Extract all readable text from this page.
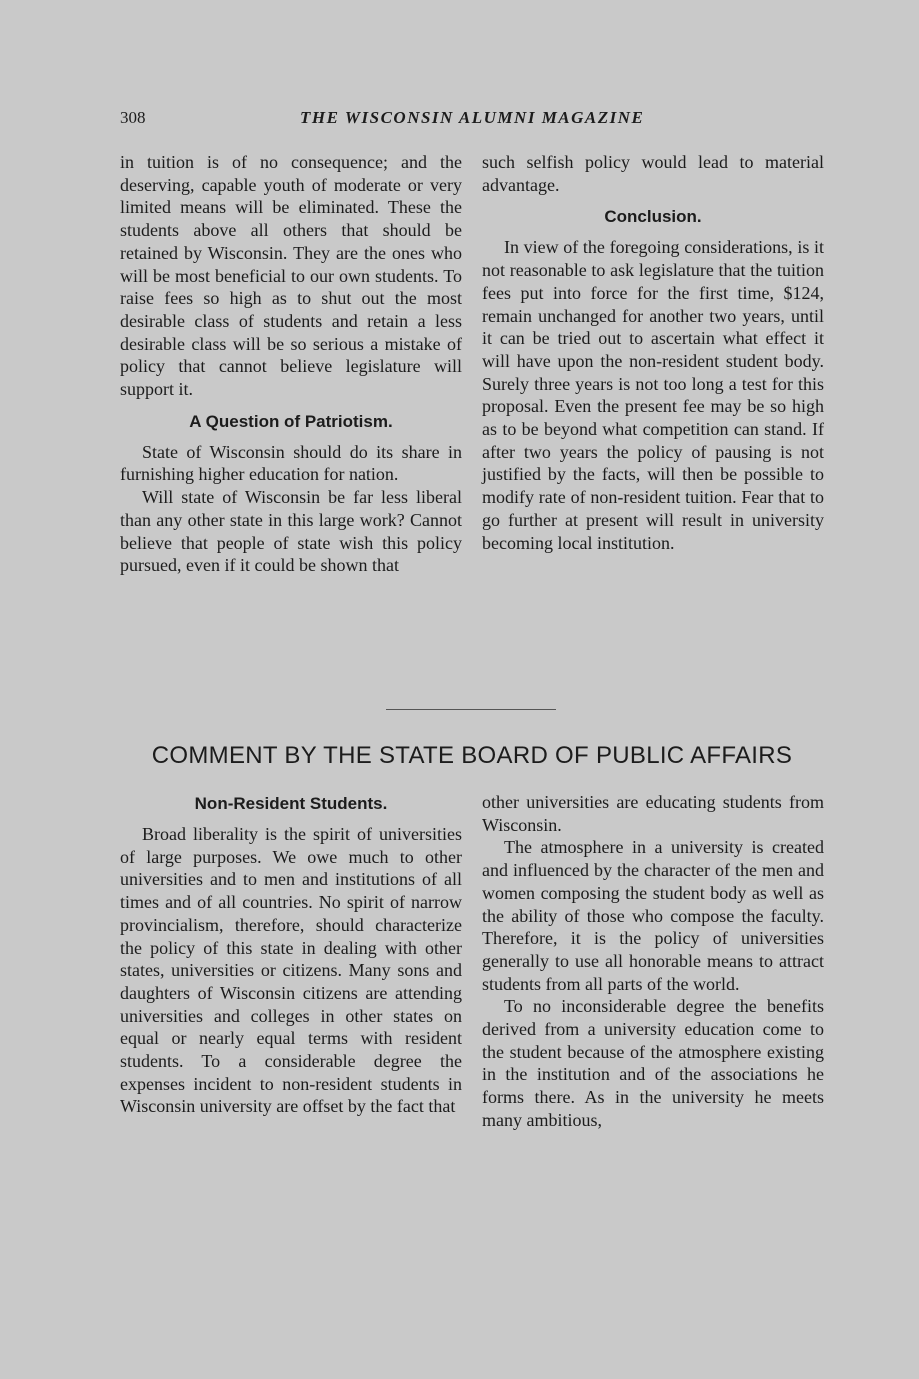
308	THE WISCONSIN ALUMNI MAGAZINE

in tuition is of no consequence; and the deserving, capable youth of moderate or very limited means will be eliminated. These the students above all others that should be retained by Wisconsin. They are the ones who will be most beneficial to our own students. To raise fees so high as to shut out the most desirable class of students and retain a less desirable class will be so serious a mistake of policy that cannot believe legislature will support it.

A Question of Patriotism.

State of Wisconsin should do its share in furnishing higher education for nation.

Will state of Wisconsin be far less liberal than any other state in this large work? Cannot believe that people of state wish this policy pursued, even if it could be shown that

such selfish policy would lead to material advantage.

Conclusion.

In view of the foregoing considerations, is it not reasonable to ask legislature that the tuition fees put into force for the first time, $124, remain unchanged for another two years, until it can be tried out to ascertain what effect it will have upon the non-resident student body. Surely three years is not too long a test for this proposal. Even the present fee may be so high as to be beyond what competition can stand. If after two years the policy of pausing is not justified by the facts, will then be possible to modify rate of non-resident tuition. Fear that to go further at present will result in university becoming local institution.

COMMENT BY THE STATE BOARD OF PUBLIC AFFAIRS
Non-Resident Students.

Broad liberality is the spirit of universities of large purposes. We owe much to other universities and to men and institutions of all times and of all countries. No spirit of narrow provincialism, therefore, should characterize the policy of this state in dealing with other states, universities or citizens. Many sons and daughters of Wisconsin citizens are attending universities and colleges in other states on equal or nearly equal terms with resident students. To a considerable degree the expenses incident to non-resident students in Wisconsin university are offset by the fact that

other universities are educating students from Wisconsin.

The atmosphere in a university is created and influenced by the character of the men and women composing the student body as well as the ability of those who compose the faculty. Therefore, it is the policy of universities generally to use all honorable means to attract students from all parts of the world.

To no inconsiderable degree the benefits derived from a university education come to the student because of the atmosphere existing in the institution and of the associations he forms there. As in the university he meets many ambitious,
